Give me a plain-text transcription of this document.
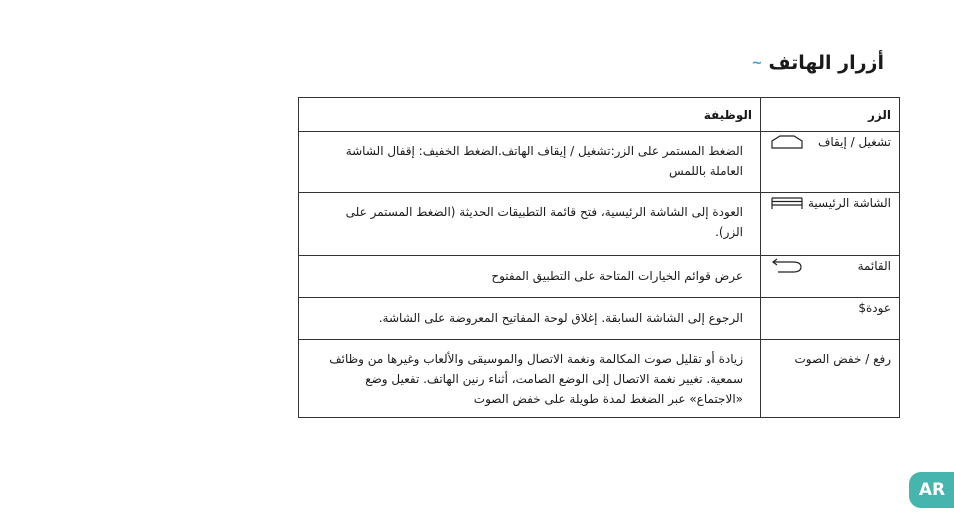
أزرار الهاتف
~
الزر	الوظيفة

تشغيل / إيقاف	الضغط المستمر على الزر:تشغيل / إيقاف الهاتف.الضغط الخفيف: إقفال الشاشة العاملة باللمس

الشاشة الرئيسية	العودة إلى الشاشة الرئيسية، فتح قائمة التطبيقات الحديثة (الضغط المستمر على الزر).

القائمة	عرض قوائم الخيارات المتاحة على التطبيق المفتوح

عودة$	الرجوع إلى الشاشة السابقة. إغلاق لوحة المفاتيح المعروضة على الشاشة.

رفع / خفض الصوت	زيادة أو تقليل صوت المكالمة ونغمة الاتصال والموسيقى والألعاب وغيرها من وظائف سمعية. تغيير نغمة الاتصال إلى الوضع الصامت، أثناء رنين الهاتف. تفعيل وضع «الاجتماع» عبر الضغط لمدة طويلة على خفض الصوت
AR
